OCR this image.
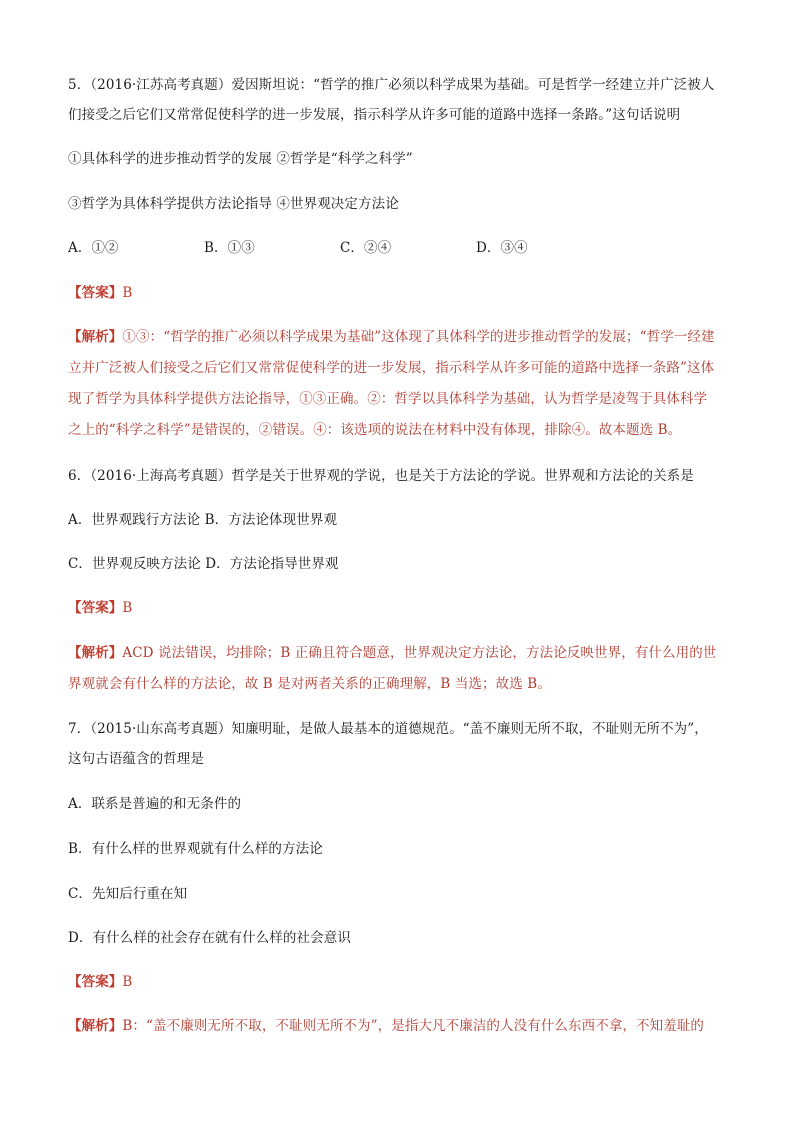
5．（2016·江苏高考真题）爱因斯坦说：“哲学的推广必须以科学成果为基础。可是哲学一经建立并广泛被人
们接受之后它们又常常促使科学的进一步发展，指示科学从许多可能的道路中选择一条路。”这句话说明
①具体科学的进步推动哲学的发展 ②哲学是“科学之科学”
③哲学为具体科学提供方法论指导 ④世界观决定方法论
A．①②	B．①③	C．②④	D．③④
【答案】B
【解析】①③：“哲学的推广必须以科学成果为基础”这体现了具体科学的进步推动哲学的发展；“哲学一经建
立并广泛被人们接受之后它们又常常促使科学的进一步发展，指示科学从许多可能的道路中选择一条路”这体
现了哲学为具体科学提供方法论指导，①③正确。②：哲学以具体科学为基础，认为哲学是凌驾于具体科学
之上的“科学之科学”是错误的，②错误。④：该选项的说法在材料中没有体现，排除④。故本题选 B。
6．（2016·上海高考真题）哲学是关于世界观的学说，也是关于方法论的学说。世界观和方法论的关系是
A．世界观践行方法论 B．方法论体现世界观
C．世界观反映方法论 D．方法论指导世界观
【答案】B
【解析】ACD 说法错误，均排除；B 正确且符合题意，世界观决定方法论，方法论反映世界，有什么用的世
界观就会有什么样的方法论，故 B 是对两者关系的正确理解，B 当选；故选 B。
7．（2015·山东高考真题）知廉明耻，是做人最基本的道德规范。“盖不廉则无所不取，不耻则无所不为”，
这句古语蕴含的哲理是
A．联系是普遍的和无条件的
B．有什么样的世界观就有什么样的方法论
C．先知后行重在知
D．有什么样的社会存在就有什么样的社会意识
【答案】B
【解析】B：“盖不廉则无所不取，不耻则无所不为”，是指大凡不廉洁的人没有什么东西不拿，不知羞耻的
